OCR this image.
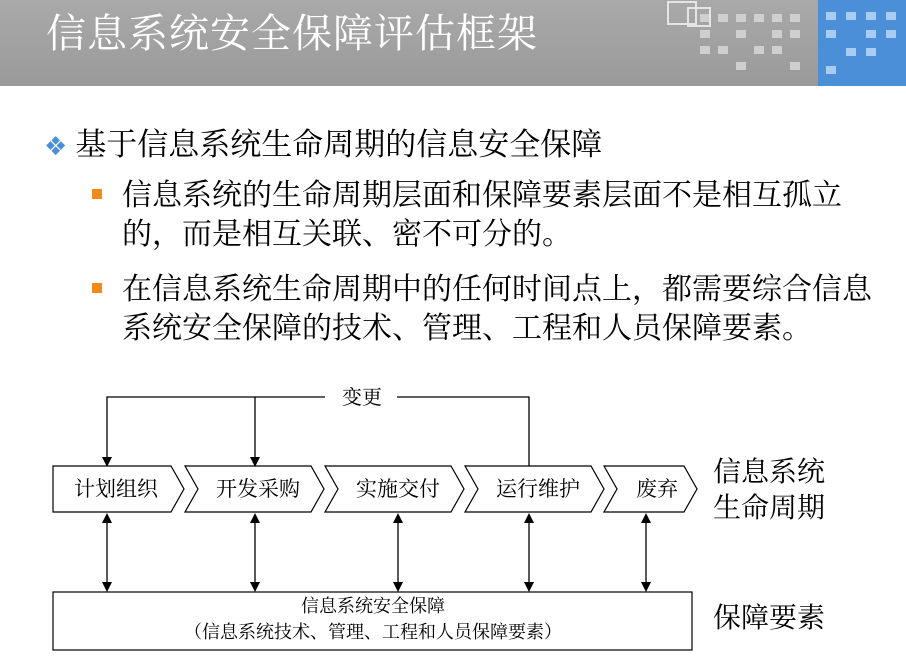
信息系统安全保障评估框架
❖ 基于信息系统生命周期的信息安全保障
信息系统的生命周期层面和保障要素层面不是相互孤立的，而是相互关联、密不可分的。
在信息系统生命周期中的任何时间点上，都需要综合信息系统安全保障的技术、管理、工程和人员保障要素。
变更
计划组织	开发采购	实施交付	运行维护	废弃
信息系统安全保障
（信息系统技术、管理、工程和人员保障要素）
信息系统
生命周期
保障要素
